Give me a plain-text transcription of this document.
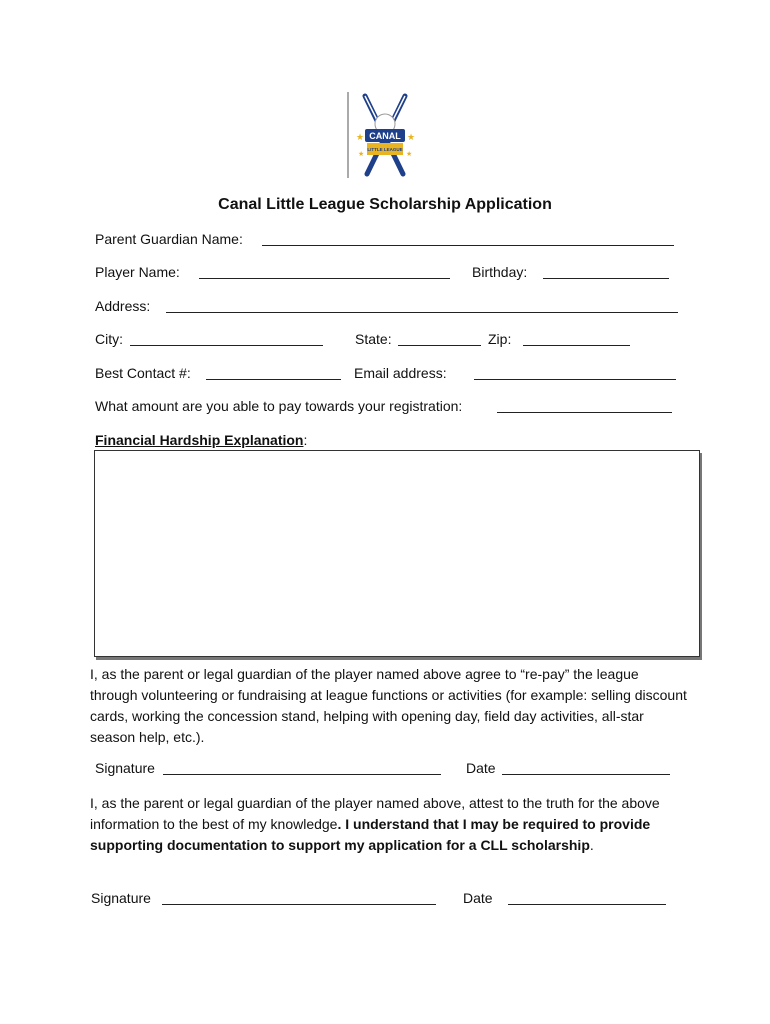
★	★
★	★
CANAL
LITTLE LEAGUE
Canal Little League Scholarship Application
Parent Guardian Name:
Player Name:	Birthday:
Address:
City:	State:	Zip:
Best Contact #:	Email address:
What amount are you able to pay towards your registration:
Financial Hardship Explanation:
I, as the parent or legal guardian of the player named above agree to “re-pay” the league through volunteering or fundraising at league functions or activities (for example: selling discount cards, working the concession stand, helping with opening day, field day activities, all-star season help, etc.).
Signature	Date
I, as the parent or legal guardian of the player named above, attest to the truth for the above information to the best of my knowledge. I understand that I may be required to provide supporting documentation to support my application for a CLL scholarship.
Signature	Date
